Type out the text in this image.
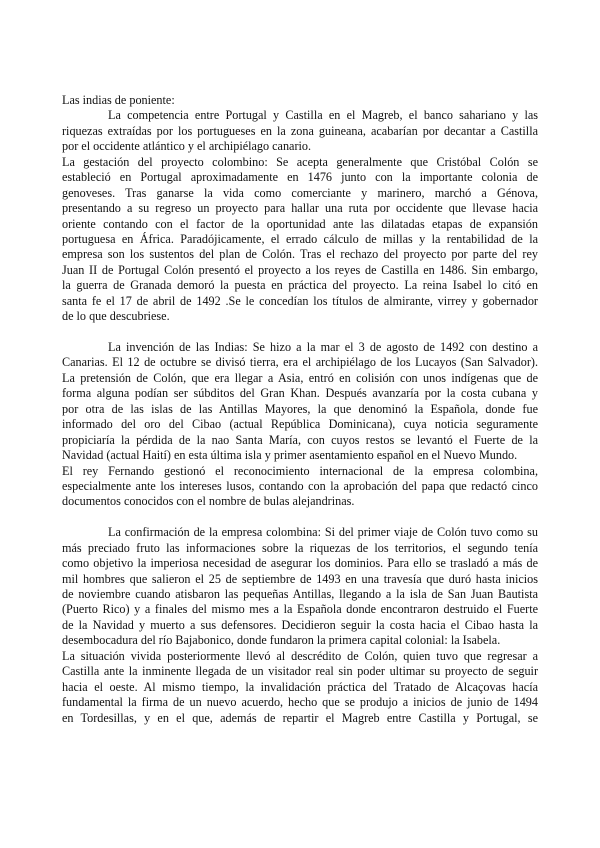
Las indias de poniente:
La competencia entre Portugal y Castilla en el Magreb, el banco sahariano y las
riquezas extraídas por los portugueses en la zona guineana, acabarían por decantar a Castilla
por el occidente atlántico y el archipiélago canario.
La gestación del proyecto colombino: Se acepta generalmente que Cristóbal Colón se
estableció en Portugal aproximadamente en 1476 junto con la importante colonia de
genoveses. Tras ganarse la vida como comerciante y marinero, marchó a Génova,
presentando a su regreso un proyecto para hallar una ruta por occidente que llevase hacia
oriente contando con el factor de la oportunidad ante las dilatadas etapas de expansión
portuguesa en África. Paradójicamente, el errado cálculo de millas y la rentabilidad de la
empresa son los sustentos del plan de Colón. Tras el rechazo del proyecto por parte del rey
Juan II de Portugal Colón presentó el proyecto a los reyes de Castilla en 1486. Sin embargo,
la guerra de Granada demoró la puesta en práctica del proyecto. La reina Isabel lo citó en
santa fe el 17 de abril de 1492 .Se le concedían los títulos de almirante, virrey y gobernador
de lo que descubriese.
La invención de las Indias: Se hizo a la mar el 3 de agosto de 1492 con destino a
Canarias. El 12 de octubre se divisó tierra, era el archipiélago de los Lucayos (San Salvador).
La pretensión de Colón, que era llegar a Asia, entró en colisión con unos indígenas que de
forma alguna podían ser súbditos del Gran Khan. Después avanzaría por la costa cubana y
por otra de las islas de las Antillas Mayores, la que denominó la Española, donde fue
informado del oro del Cibao (actual República Dominicana), cuya noticia seguramente
propiciaría la pérdida de la nao Santa María, con cuyos restos se levantó el Fuerte de la
Navidad (actual Haití) en esta última isla y primer asentamiento español en el Nuevo Mundo.
El rey Fernando gestionó el reconocimiento internacional de la empresa colombina,
especialmente ante los intereses lusos, contando con la aprobación del papa que redactó cinco
documentos conocidos con el nombre de bulas alejandrinas.
La confirmación de la empresa colombina: Si del primer viaje de Colón tuvo como su
más preciado fruto las informaciones sobre la riquezas de los territorios, el segundo tenía
como objetivo la imperiosa necesidad de asegurar los dominios. Para ello se trasladó a más de
mil hombres que salieron el 25 de septiembre de 1493 en una travesía que duró hasta inicios
de noviembre cuando atisbaron las pequeñas Antillas, llegando a la isla de San Juan Bautista
(Puerto Rico) y a finales del mismo mes a la Española donde encontraron destruido el Fuerte
de la Navidad y muerto a sus defensores. Decidieron seguir la costa hacia el Cibao hasta la
desembocadura del río Bajabonico, donde fundaron la primera capital colonial: la Isabela.
La situación vivida posteriormente llevó al descrédito de Colón, quien tuvo que regresar a
Castilla ante la inminente llegada de un visitador real sin poder ultimar su proyecto de seguir
hacia el oeste. Al mismo tiempo, la invalidación práctica del Tratado de Alcaçovas hacía
fundamental la firma de un nuevo acuerdo, hecho que se produjo a inicios de junio de 1494
en Tordesillas, y en el que, además de repartir el Magreb entre Castilla y Portugal, se
